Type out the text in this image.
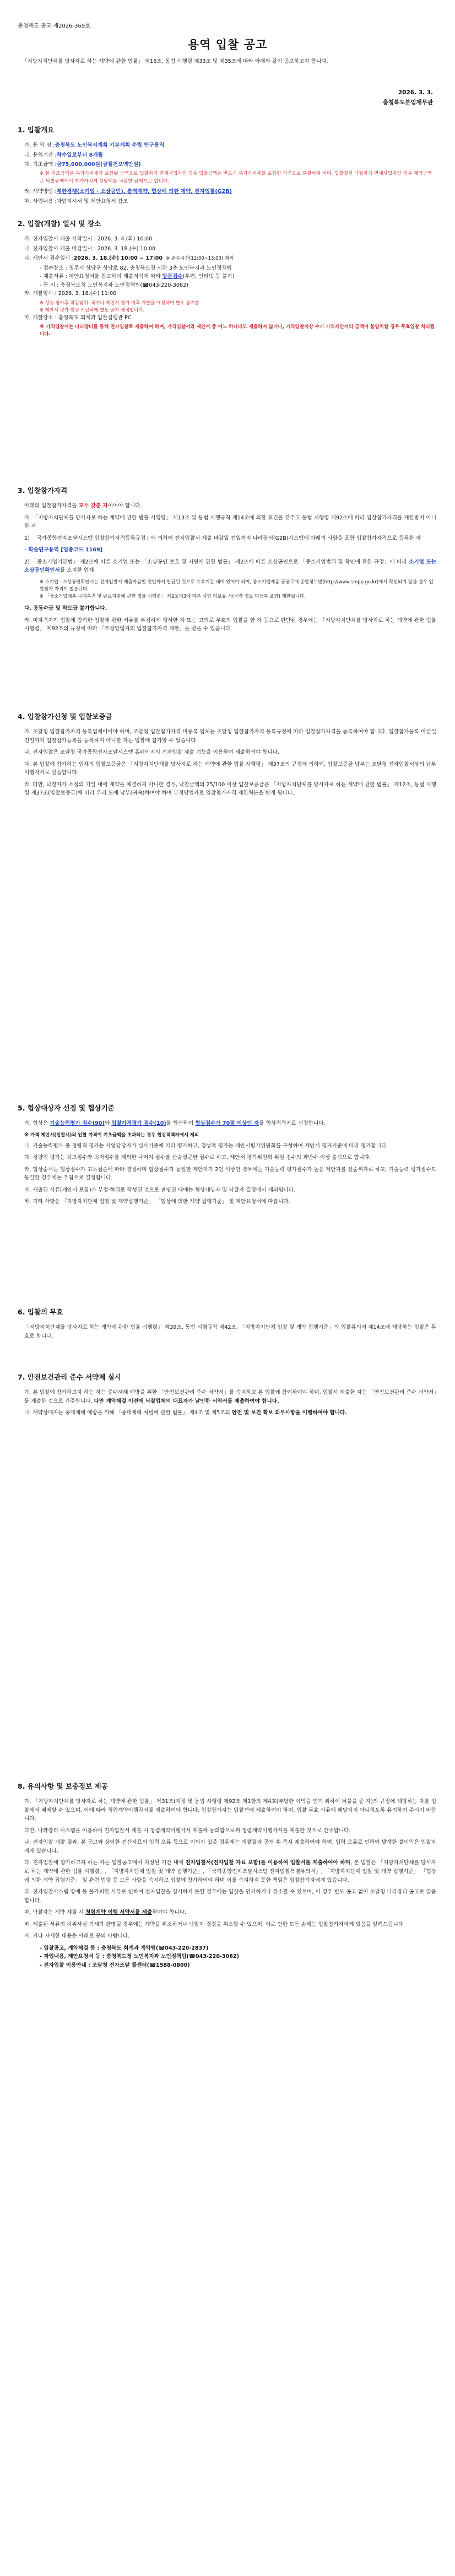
충청북도 공고 제2026-369호
용역 입찰 공고
「지방자치단체를 당사자로 하는 계약에 관한 법률」 제16조, 동법 시행령 제33조 및 제35조에 따라 아래와 같이 공고하고자 합니다.
2026. 3. 3.
충청북도분임재무관
1. 입찰개요
가. 용 역 명 : 충청북도 노인복지계획 기본계획 수립 연구용역
나. 용역기간 : 착수일로부터 8개월
다. 기초금액 : 금75,000,000원(금칠천오백만원)
※ 본 기초금액은 부가가치세가 포함된 금액으로 입찰자가 면세사업자인 경우 입찰금액은 반드시 부가가치세를 포함한 가격으로 투찰하여 하며, 입찰결과 낙찰자가 면세사업자인 경우 계약금액은 낙찰금액에서 부가가치세 상당액을 차감한 금액으로 합니다.
라. 계약방법 : 제한경쟁(소기업 · 소상공인), 총액계약, 협상에 의한 계약, 전자입찰(G2B)
마. 사업내용 : 과업지시서 및 제안요청서 참조
2. 입찰(개찰) 일시 및 장소
가. 전자입찰서 제출 시작일시 : 2026. 3. 4.(화) 10:00
나. 전자입찰서 제출 마감일시 : 2026. 3. 18.(수) 10:00
다. 제안서 접수일시 : 2026. 3. 18.(수) 10:00 ~ 17:00 ※ 준수시간(12:00~13:00) 제외
- 접수장소 : 청주시 상당구 상당로 82, 충청북도청 서관 3층 노인복지과 노인정책팀
- 제출서류 : 제안요청서를 참고하여 제출서식에 따라 방문접수(우편, 인터넷 등 불가)
- 문 의 : 충청북도청 노인복지과 노인정책팀(☎043-220-3062)
라. 개찰일시 : 2026. 3. 18.(수) 11:00
※ 성능 평가후 작동범위: 국가나 제안서 평가 이후 개찰을 예정하며 별도 공지함
※ 제안서 평가 일정 시급하게 별도 공지 예정입니다.
마. 개찰장소 : 충청북도 회계과 입찰집행관 PC
※ 가격입찰서는 나라장터를 통해 전자입찰로 제출하여 하며, 가격입찰서와 제안서 중 어느 하나라도 제출하지 않거나, 가격입찰서상 수기 가격제안서의 금액이 불일치할 경우 무효입찰 처리됩니다.
3. 입찰참가자격
아래의 입찰참가자격을 모두 갖춘 자이어야 합니다.
가. 「지방자치단체를 당사자로 하는 계약에 관한 법률 시행령」 제13조 및 동법 시행규칙 제14조에 의한 요건을 갖추고 동법 시행령 제92조에 따라 입찰참가자격을 제한받지 아니한 자
1) 「국가종합전자조달시스템 입찰참가자격등록규정」에 의하여 전자입찰서 제출 마감일 전일까지 나라장터(G2B)시스템에 아래의 사항을 포함 입찰참가자격으로 등록한 자
- 학술연구용역 [업종코드 1169]
2) 「중소기업기본법」 제2조에 따른 소기업 또는 「소상공인 보호 및 지원에 관한 법률」 제2조에 따른 소상공인으로 「중소기업범위 및 확인에 관한 규정」에 따라 소기업 또는 소상공인확인서를 소지한 업체
※ 소기업 · 소상공인확인서는 전자입찰서 제출마감일 전일까지 발급된 것으로 유효기간 내에 있어야 하며, 중소기업제품 공공구매 종합정보망(http://www.smpp.go.kr)에서 확인되지 않을 경우 입찰참가 자격이 없습니다.
※ 「중소기업제품 구매촉진 및 판로지원에 관한 법률 시행령」 제2조의3에 따른 사항 미보유 시(국가 정보 미등록 포함) 제한됩니다.
다. 공동수급 및 하도급 불가합니다.
라. 미자격자가 입찰에 참가한 입찰에 관한 서류를 부정하게 행사한 자 또는 고의로 무효의 입찰을 한 자 등으로 판단된 경우에는 「지방자치단체를 당사자로 하는 계약에 관한 법률 시행령」 제92조의 규정에 따라 「부정당업자의 입찰참가자격 제한」을 받을 수 있습니다.
4. 입찰참가신청 및 입찰보증금
가. 조달청 입찰참가자격 등록업체이어야 하며, 조달청 입찰참가자격 미등록 업체는 조달청 입찰참가자격 등록규정에 따라 입찰참가자격을 등록하여야 합니다. 입찰참가등록 마감일 전일까지 입찰참가등록을 등록하지 아니한 자는 입찰에 참가할 수 없습니다.
나. 전자입찰은 조달청 국가종합전자조달시스템 홈페이지의 전자입찰 제출 기능을 이용하여 제출하셔야 합니다.
다. 본 입찰에 참가하는 업체의 입찰보증금은 「지방자치단체를 당사자로 하는 계약에 관한 법률 시행령」 제37조의 규정에 의하여, 입찰보증금 납부는 조달청 전자입찰서상의 납부이행각서로 갈음합니다.
라. 다만, 낙찰자가 소정의 기일 내에 계약을 체결하지 아니한 경우, 낙찰금액의 25/100 이상 입찰보증금은 「지방자치단체를 당사자로 하는 계약에 관한 법률」 제12조, 동법 시행령 제37조(입찰보증금)에 따라 우리 도에 납부(귀속)하여야 하며 부정당업자로 입찰참가자격 제한처분을 받게 됩니다.
5. 협상대상자 선정 및 협상기준
가. 협상은 기술능력평가 점수(90)와 입찰가격평가 점수(10)를 합산하여 협상점수가 70점 이상인 자를 협상적격자로 선정합니다.
※ 가격 제안서(입찰서)의 입찰 가격이 기초금액을 초과하는 경우 협상적격자에서 제외
나. 기술능력평가 중 정량적 평가는 사업담당자가 심사기준에 따라 평가하고, 정성적 평가는 제안서평가위원회를 구성하여 제안서 평가기준에 따라 평가합니다.
다. 정량적 평가는 최고점수와 최저점수를 제외한 나머지 점수를 산술평균한 점수로 하고, 제안서 평가위원회 위원 정수의 과반수 이상 출석으로 합니다.
라. 협상순서는 협상점수가 고득점순에 따라 결정하며 협상점수가 동일한 제안자가 2인 이상인 경우에는 기술능력 평가점수가 높은 제안자를 선순위자로 하고, 기술능력 평가점수도 동일한 경우에는 추첨으로 결정합니다.
마. 제출된 서류(제안서 포함)가 부정·허위로 작성된 것으로 판명된 때에는 협상대상자 및 낙찰자 결정에서 제외됩니다.
바. 기타 사항은 「지방자치단체 입찰 및 계약집행기준」 「협상에 의한 계약 집행기준」 및 제안요청서에 따릅니다.
6. 입찰의 무효
「지방자치단체를 당사자로 하는 계약에 관한 법률 시행령」 제39조, 동법 시행규칙 제42조, 「지방자치단체 입찰 및 계약 집행기준」의 입찰유의서 제14조에 해당하는 입찰은 무효로 합니다.
7. 안전보건관리 준수 서약제 실시
가. 본 입찰에 참가하고자 하는 자는 중대재해 예방을 위한 「안전보건관리 준수 서약서」를 숙지하고 본 입찰에 참여하여야 하며, 입찰시 제출한 자는 「안전보건관리 준수 서약서」를 제출한 것으로 간주합니다. 다만 계약체결 이전에 낙찰업체의 대표자가 날인한 서약서를 제출하여야 합니다.
나. 계약상대자는 중대재해 예방을 위해 「중대재해 처벌에 관한 법률」 제4조 및 제5조의 안전 및 보건 확보 의무사항을 이행하여야 합니다.
8. 유의사항 및 보충정보 제공
가. 「지방자치단체를 당사자로 하는 계약에 관한 법률」 제31조(지정 및 동법 시행령 제92조 제1항의 제4호(부당한 이익을 얻기 위하여 뇌물을 준 자)의 규정에 해당하는 자를 입찰에서 배제할 수 있으며, 이에 따라 청렴계약이행각서를 제출하여야 합니다. 입찰참가자는 입찰전에 제출하여야 하며, 입찰 무효 사유에 해당되지 아니하도록 유의하여 주시기 바랍니다.
다만, 나라장터 시스템을 이용하여 전자입찰서 제출 시 청렴계약이행각서 제출에 동의함으로써 청렴계약이행각서를 제출한 것으로 간주합니다.
나. 전자입찰 개찰 결과, 본 공고와 상이한 전산자료의 입력 오류 등으로 이의가 있을 경우에는 개찰결과 공개 후 즉시 제출하여야 하며, 입력 오류로 인하여 발생한 불이익은 입찰자에게 있습니다.
다. 전자입찰에 참가하고자 하는 자는 입찰공고에서 지정된 기간 내에 전자입찰서(전자입찰 자료 포함)를 이용하여 입찰서를 제출하여야 하며, 본 입찰은 「지방자치단체를 당사자로 하는 계약에 관한 법률 시행령」, 「지방자치단체 입찰 및 계약 집행기준」, 「국가종합전자조달시스템 전자입찰특별유의서」, 「지방자치단체 입찰 및 계약 집행기준」 「협상에 의한 계약 집행기준」 및 관련 법령 등 모든 사항을 숙지하고 입찰에 참가하여야 하며 이를 숙지하지 못한 책임은 입찰참가자에게 있습니다.
라. 전자입찰시스템 장애 등 불가피한 사유로 인하여 전자입찰을 실시하지 못할 경우에는 입찰을 연기하거나 취소할 수 있으며, 이 경우 별도 공고 없이 조달청 나라장터 공고로 갈음합니다.
마. 낙찰자는 계약 체결 시 청렴계약 이행 서약서를 제출하여야 합니다.
바. 제출된 서류의 허위사실 기재가 판명될 경우에는 계약을 취소하거나 낙찰자 결정을 취소할 수 있으며, 이로 인한 모든 손해는 입찰참가자에게 있음을 알려드립니다.
사. 기타 자세한 내용은 아래로 문의 바랍니다.
- 입찰공고, 계약체결 등 : 충청북도 회계과 계약팀(☎043-220-2837)
- 과업내용, 제안요청서 등 : 충청북도청 노인복지과 노인정책팀(☎043-220-3062)
- 전자입찰 이용안내 : 조달청 전자조달 콜센터(☎1588-0800)
